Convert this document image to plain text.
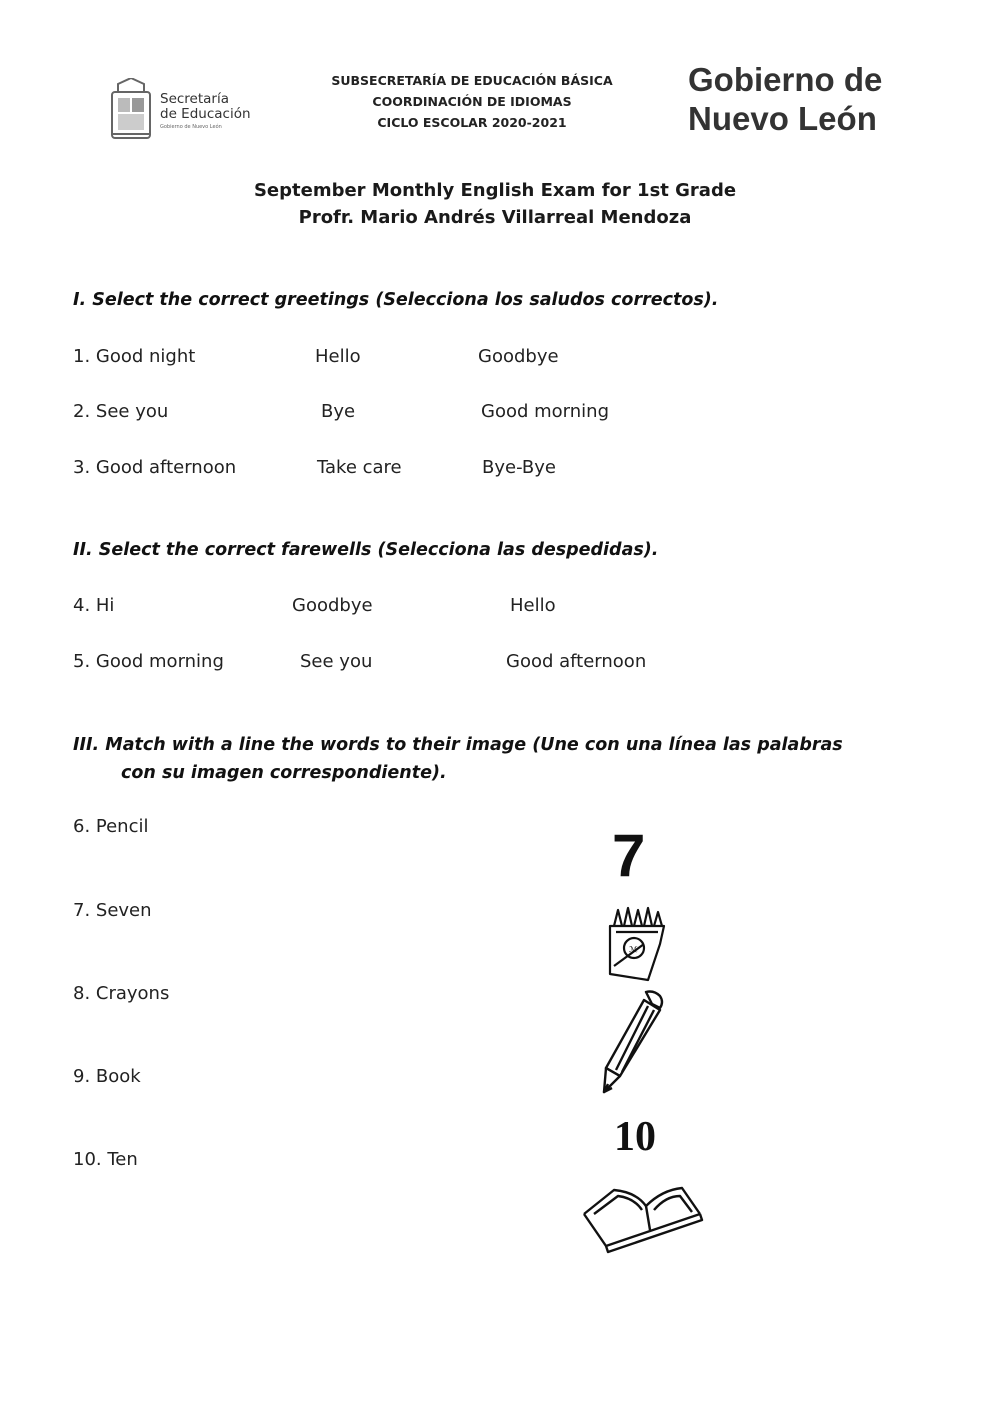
Secretaría
de Educación
Gobierno de Nuevo León
SUBSECRETARÍA DE EDUCACIÓN BÁSICA
COORDINACIÓN DE IDIOMAS
CICLO ESCOLAR 2020-2021
Gobierno de
Nuevo León
September Monthly English Exam for 1st Grade
Profr. Mario Andrés Villarreal Mendoza
I. Select the correct greetings (Selecciona los saludos correctos).
1. Good night	Hello	Goodbye
2. See you	Bye	Good morning
3. Good afternoon	Take care	Bye-Bye
II. Select the correct farewells (Selecciona las despedidas).
4. Hi	Goodbye	Hello
5. Good morning	See you	Good afternoon
III. Match with a line the words to their image (Une con una línea las palabras
con su imagen correspondiente).
6. Pencil
7. Seven
8. Crayons
9. Book
10. Ten
7
ℳ
10
